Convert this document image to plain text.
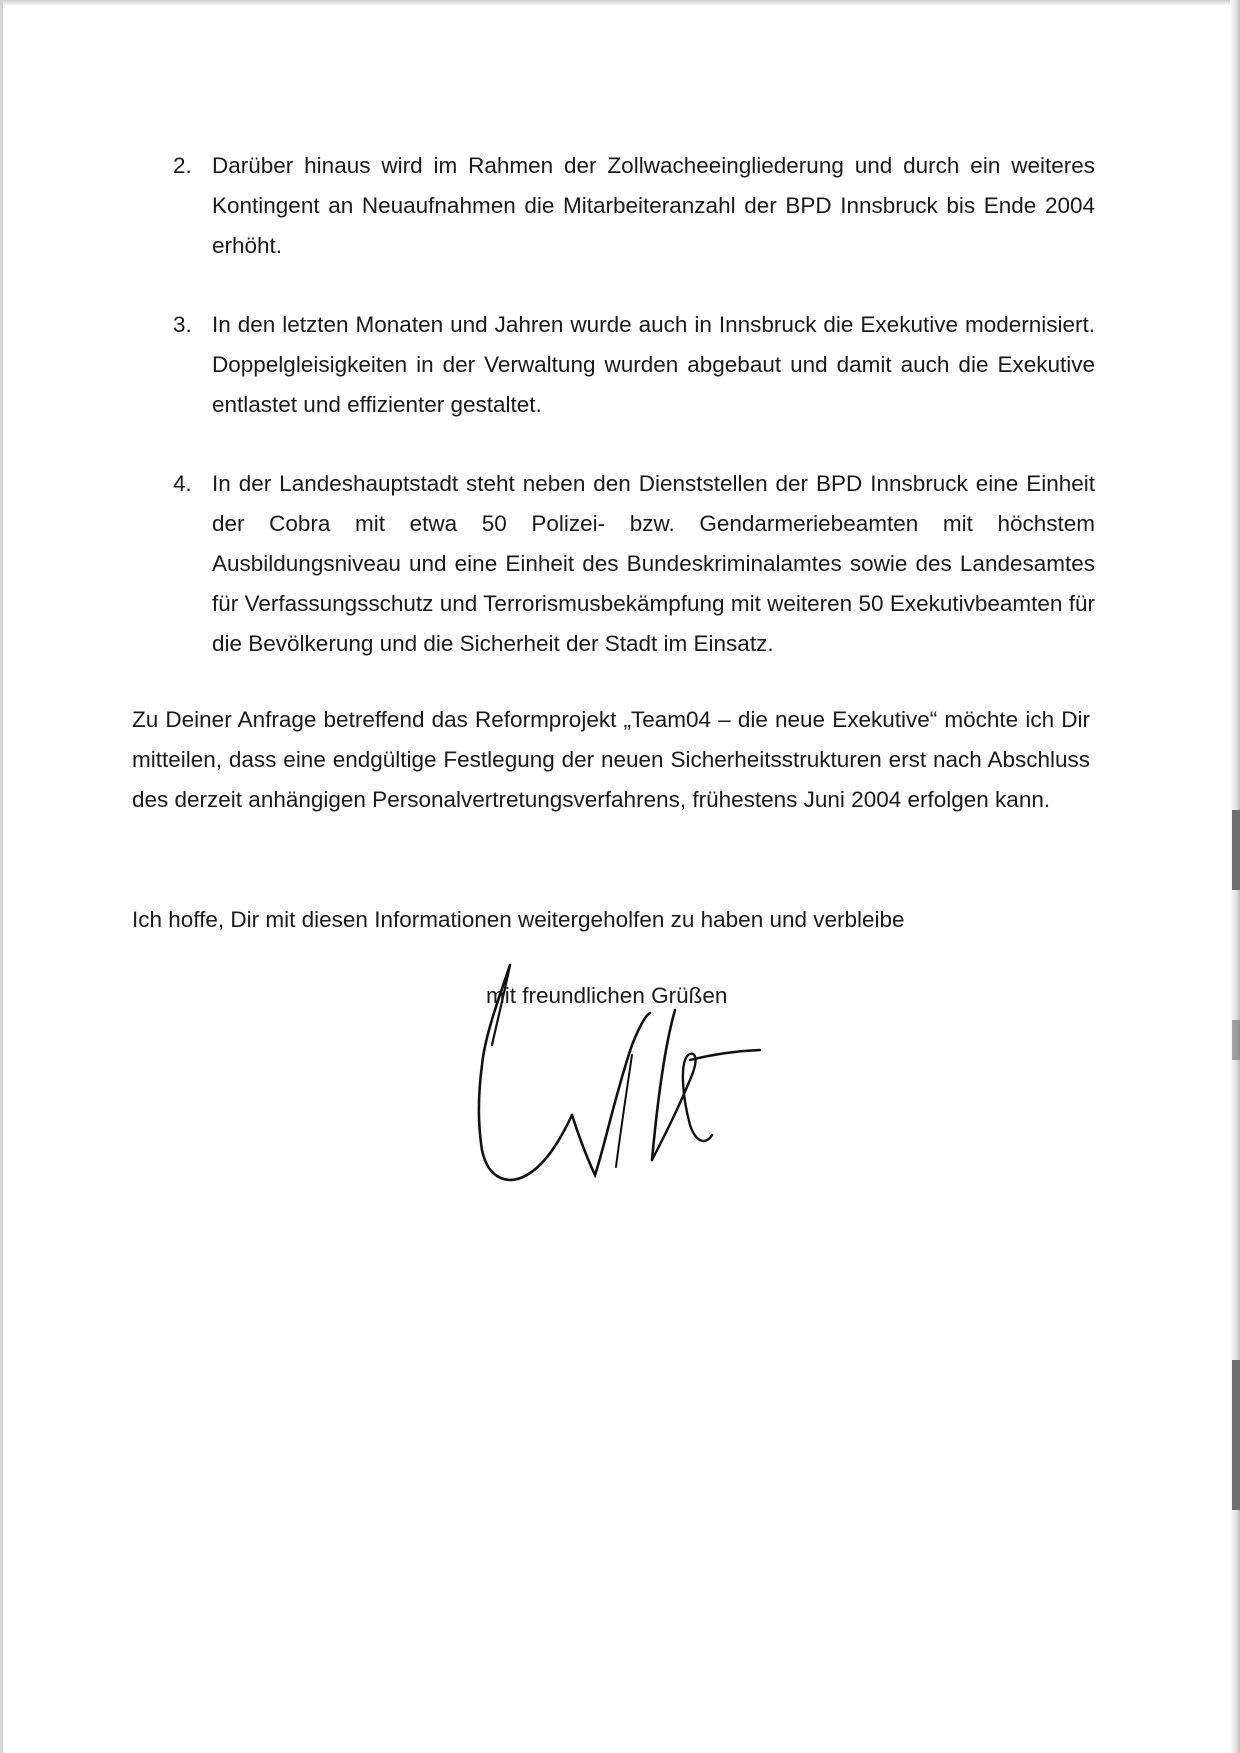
2. Darüber hinaus wird im Rahmen der Zollwacheeingliederung und durch ein weiteres Kontingent an Neuaufnahmen die Mitarbeiteranzahl der BPD Innsbruck bis Ende 2004 erhöht.
3. In den letzten Monaten und Jahren wurde auch in Innsbruck die Exekutive modernisiert. Doppelgleisigkeiten in der Verwaltung wurden abgebaut und damit auch die Exekutive entlastet und effizienter gestaltet.
4. In der Landeshauptstadt steht neben den Dienststellen der BPD Innsbruck eine Einheit der Cobra mit etwa 50 Polizei- bzw. Gendarmeriebeamten mit höchstem Ausbildungsniveau und eine Einheit des Bundeskriminalamtes sowie des Landesamtes für Verfassungsschutz und Terrorismusbekämpfung mit weiteren 50 Exekutivbeamten für die Bevölkerung und die Sicherheit der Stadt im Einsatz.
Zu Deiner Anfrage betreffend das Reformprojekt „Team04 – die neue Exekutive“ möchte ich Dir mitteilen, dass eine endgültige Festlegung der neuen Sicherheitsstrukturen erst nach Abschluss des derzeit anhängigen Personalvertretungsverfahrens, frühestens Juni 2004 erfolgen kann.
Ich hoffe, Dir mit diesen Informationen weitergeholfen zu haben und verbleibe
mit freundlichen Grüßen
